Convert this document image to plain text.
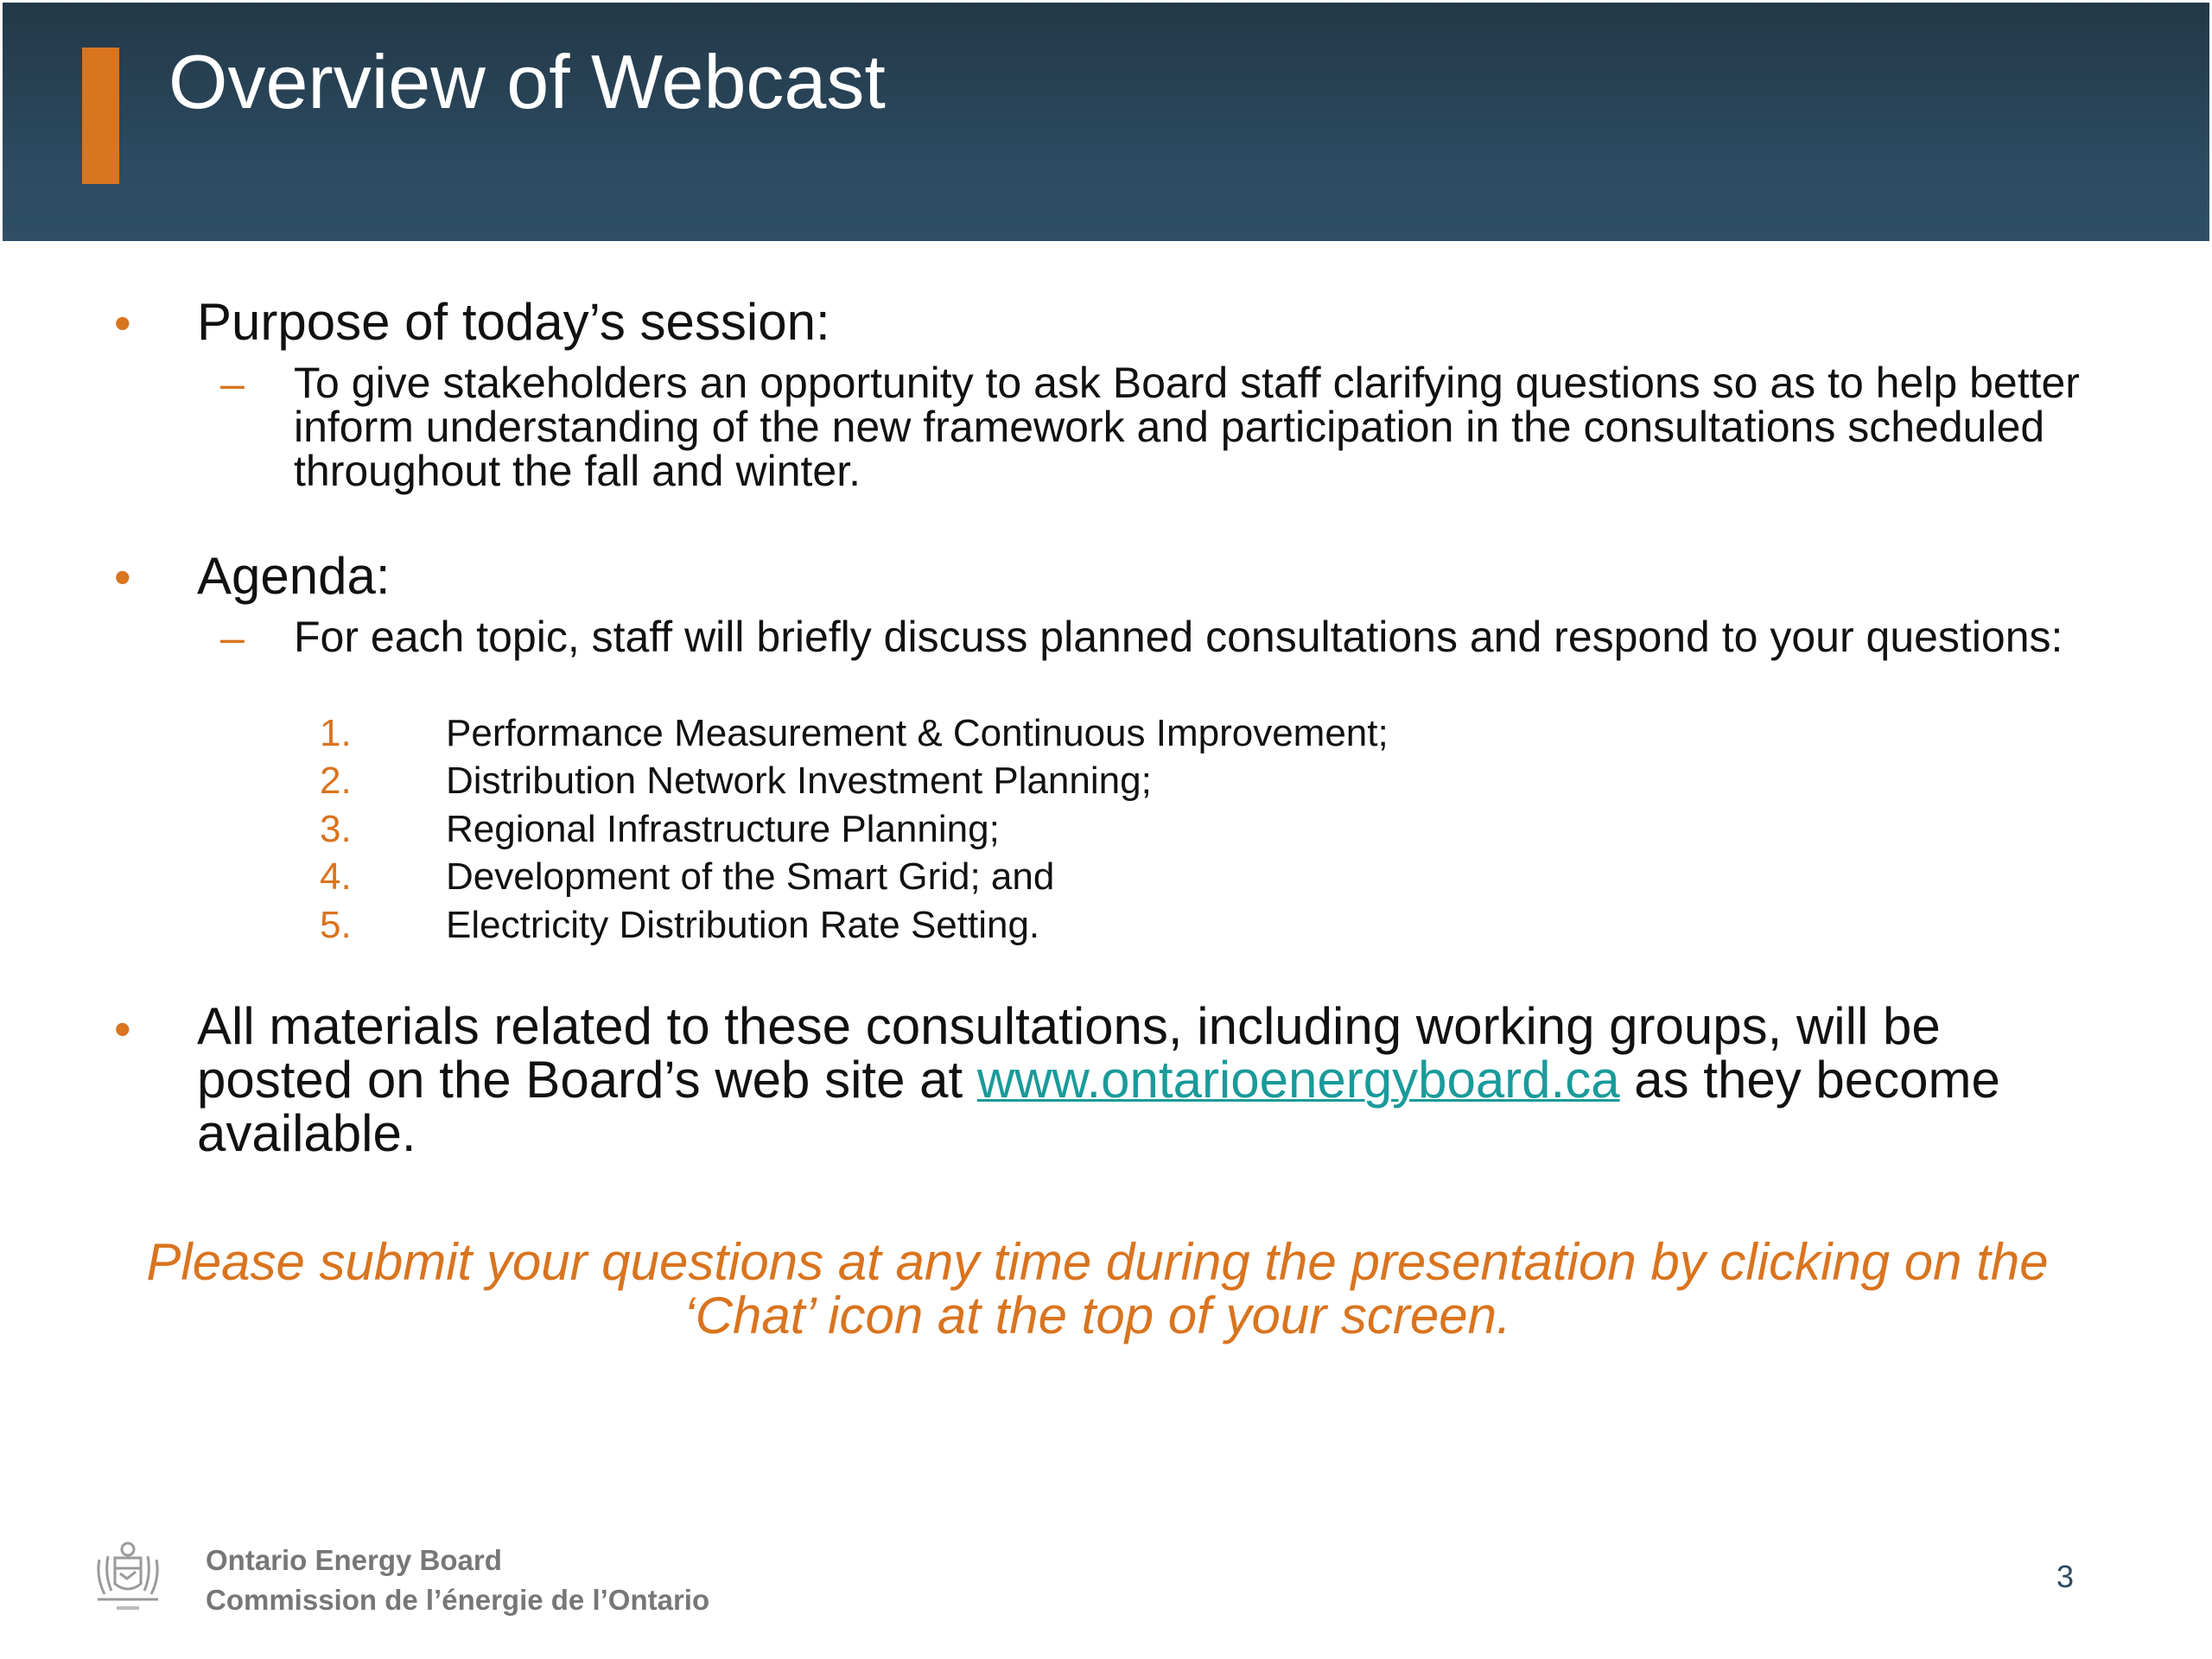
Overview of Webcast
• Purpose of today’s session:
– To give stakeholders an opportunity to ask Board staff clarifying questions so as to help better inform understanding of the new framework and participation in the consultations scheduled throughout the fall and winter.
• Agenda:
– For each topic, staff will briefly discuss planned consultations and respond to your questions:
1. Performance Measurement & Continuous Improvement;
2. Distribution Network Investment Planning;
3. Regional Infrastructure Planning;
4. Development of the Smart Grid; and
5. Electricity Distribution Rate Setting.
• All materials related to these consultations, including working groups, will be posted on the Board’s web site at www.ontarioenergyboard.ca as they become available.
Please submit your questions at any time during the presentation by clicking on the ‘Chat’ icon at the top of your screen.
Ontario Energy Board
Commission de l’énergie de l’Ontario
3
